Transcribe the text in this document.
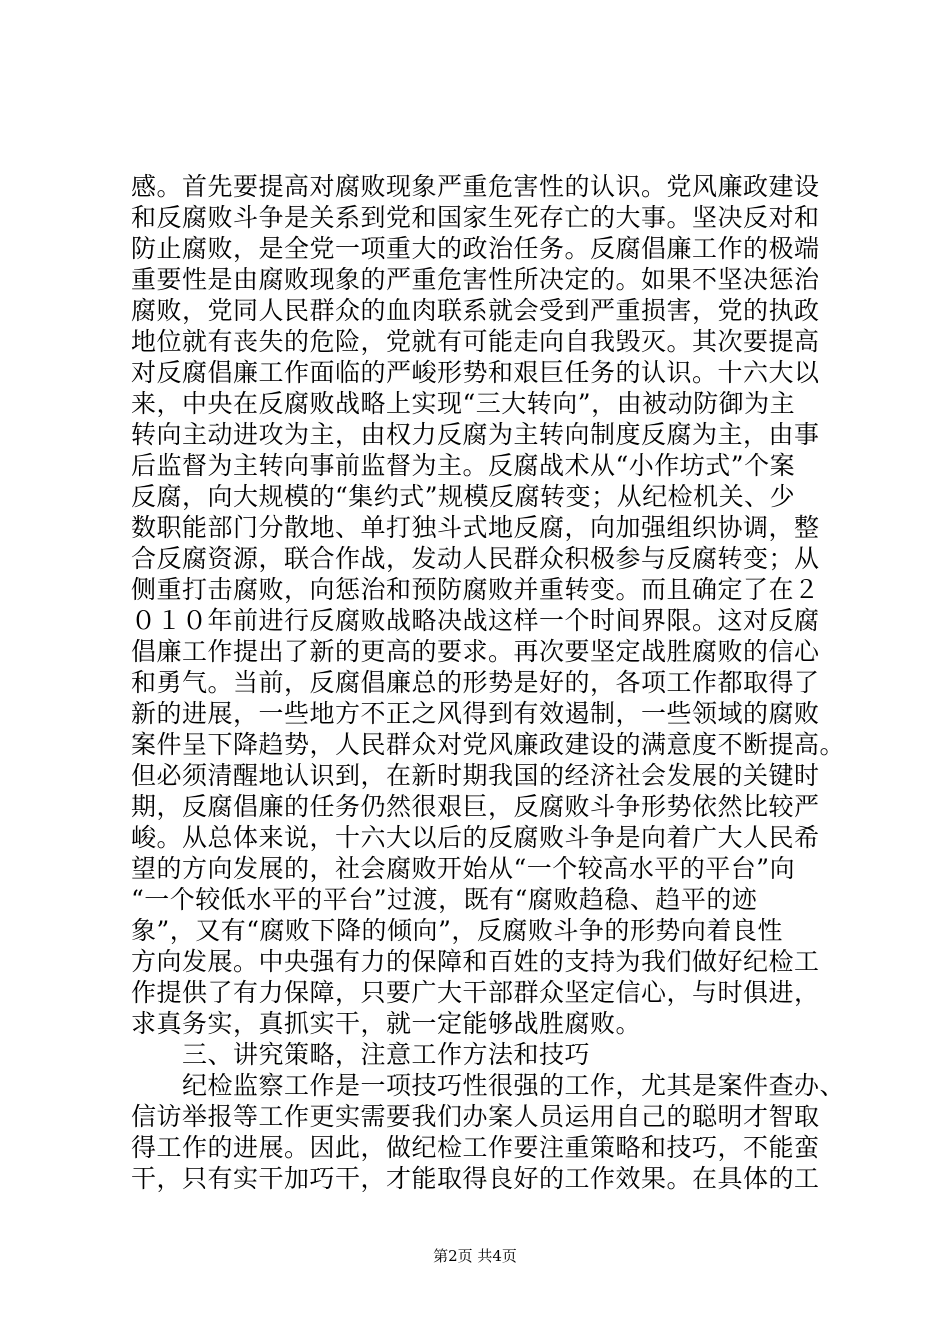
感。首先要提高对腐败现象严重危害性的认识。党风廉政建设
和反腐败斗争是关系到党和国家生死存亡的大事。坚决反对和
防止腐败，是全党一项重大的政治任务。反腐倡廉工作的极端
重要性是由腐败现象的严重危害性所决定的。如果不坚决惩治
腐败，党同人民群众的血肉联系就会受到严重损害，党的执政
地位就有丧失的危险，党就有可能走向自我毁灭。其次要提高
对反腐倡廉工作面临的严峻形势和艰巨任务的认识。十六大以
来，中央在反腐败战略上实现“三大转向”，由被动防御为主
转向主动进攻为主，由权力反腐为主转向制度反腐为主，由事
后监督为主转向事前监督为主。反腐战术从“小作坊式”个案
反腐，向大规模的“集约式”规模反腐转变；从纪检机关、少
数职能部门分散地、单打独斗式地反腐，向加强组织协调，整
合反腐资源，联合作战，发动人民群众积极参与反腐转变；从
侧重打击腐败，向惩治和预防腐败并重转变。而且确定了在２
０１０年前进行反腐败战略决战这样一个时间界限。这对反腐
倡廉工作提出了新的更高的要求。再次要坚定战胜腐败的信心
和勇气。当前，反腐倡廉总的形势是好的，各项工作都取得了
新的进展，一些地方不正之风得到有效遏制，一些领域的腐败
案件呈下降趋势，人民群众对党风廉政建设的满意度不断提高。
但必须清醒地认识到，在新时期我国的经济社会发展的关键时
期，反腐倡廉的任务仍然很艰巨，反腐败斗争形势依然比较严
峻。从总体来说，十六大以后的反腐败斗争是向着广大人民希
望的方向发展的，社会腐败开始从“一个较高水平的平台”向
“一个较低水平的平台”过渡，既有“腐败趋稳、趋平的迹
象”，又有“腐败下降的倾向”，反腐败斗争的形势向着良性
方向发展。中央强有力的保障和百姓的支持为我们做好纪检工
作提供了有力保障，只要广大干部群众坚定信心，与时俱进，
求真务实，真抓实干，就一定能够战胜腐败。
　　三、讲究策略，注意工作方法和技巧
　　纪检监察工作是一项技巧性很强的工作，尤其是案件查办、
信访举报等工作更实需要我们办案人员运用自己的聪明才智取
得工作的进展。因此，做纪检工作要注重策略和技巧，不能蛮
干，只有实干加巧干，才能取得良好的工作效果。在具体的工
第2页 共4页
